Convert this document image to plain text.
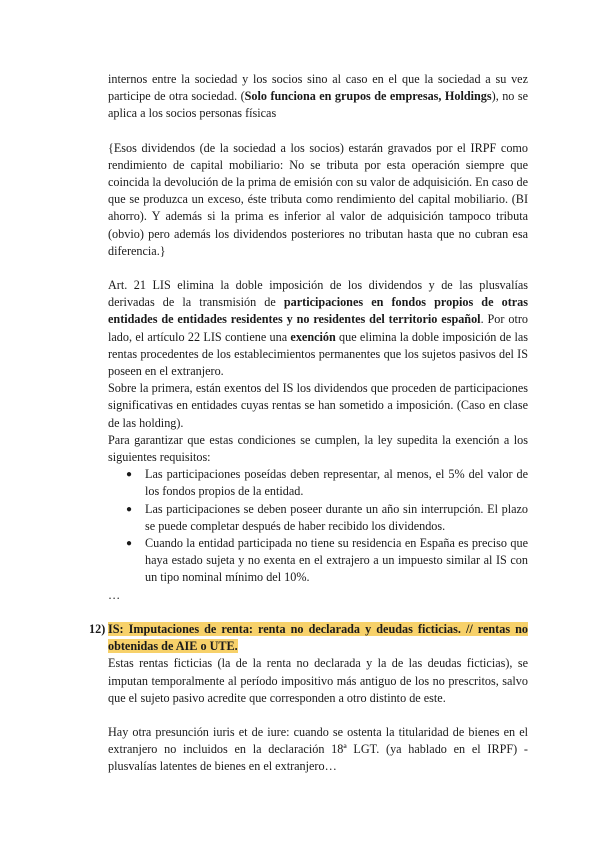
internos entre la sociedad y los socios sino al caso en el que la sociedad a su vez participe de otra sociedad. (Solo funciona en grupos de empresas, Holdings), no se aplica a los socios personas físicas

{Esos dividendos (de la sociedad a los socios) estarán gravados por el IRPF como rendimiento de capital mobiliario: No se tributa por esta operación siempre que coincida la devolución de la prima de emisión con su valor de adquisición. En caso de que se produzca un exceso, éste tributa como rendimiento del capital mobiliario. (BI ahorro). Y además si la prima es inferior al valor de adquisición tampoco tributa (obvio) pero además los dividendos posteriores no tributan hasta que no cubran esa diferencia.}

Art. 21 LIS elimina la doble imposición de los dividendos y de las plusvalías derivadas de la transmisión de participaciones en fondos propios de otras entidades de entidades residentes y no residentes del territorio español. Por otro lado, el artículo 22 LIS contiene una exención que elimina la doble imposición de las rentas procedentes de los establecimientos permanentes que los sujetos pasivos del IS poseen en el extranjero.

Sobre la primera, están exentos del IS los dividendos que proceden de participaciones significativas en entidades cuyas rentas se han sometido a imposición. (Caso en clase de las holding).

Para garantizar que estas condiciones se cumplen, la ley supedita la exención a los siguientes requisitos:

● Las participaciones poseídas deben representar, al menos, el 5% del valor de los fondos propios de la entidad.
● Las participaciones se deben poseer durante un año sin interrupción. El plazo se puede completar después de haber recibido los dividendos.
● Cuando la entidad participada no tiene su residencia en España es preciso que haya estado sujeta y no exenta en el extrajero a un impuesto similar al IS con un tipo nominal mínimo del 10%.

…

12) IS: Imputaciones de renta: renta no declarada y deudas ficticias. // rentas no obtenidas de AIE o UTE.

Estas rentas ficticias (la de la renta no declarada y la de las deudas ficticias), se imputan temporalmente al período impositivo más antiguo de los no prescritos, salvo que el sujeto pasivo acredite que corresponden a otro distinto de este.

Hay otra presunción iuris et de iure: cuando se ostenta la titularidad de bienes en el extranjero no incluidos en la declaración 18ª LGT. (ya hablado en el IRPF) - plusvalías latentes de bienes en el extranjero…
